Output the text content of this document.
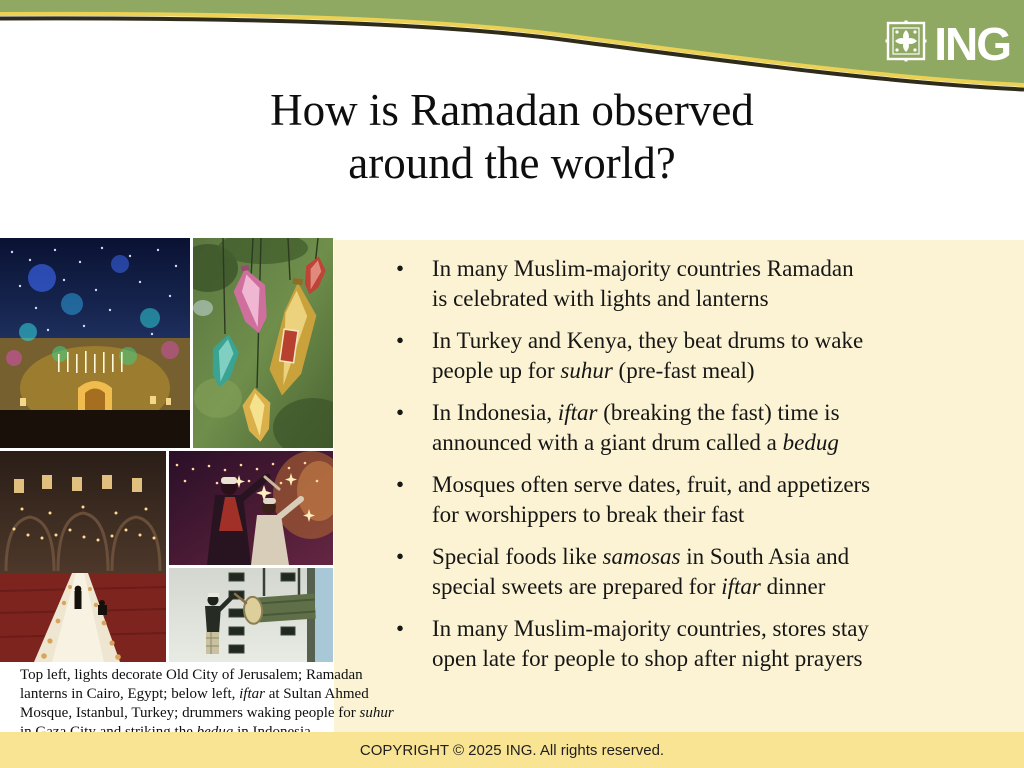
ING
How is Ramadan observed
around the world?
• In many Muslim-majority countries Ramadan
is celebrated with lights and lanterns
• In Turkey and Kenya, they beat drums to wake
people up for suhur (pre-fast meal)
• In Indonesia, iftar (breaking the fast) time is
announced with a giant drum called a bedug
• Mosques often serve dates, fruit, and appetizers
for worshippers to break their fast
• Special foods like samosas in South Asia and
special sweets are prepared for iftar dinner
• In many Muslim-majority countries, stores stay
open late for people to shop after night prayers
Top left, lights decorate Old City of Jerusalem; Ramadan
lanterns in Cairo, Egypt; below left, iftar at Sultan Ahmed
Mosque, Istanbul, Turkey; drummers waking people for suhur
COPYRIGHT © 2025 ING. All rights reserved.
